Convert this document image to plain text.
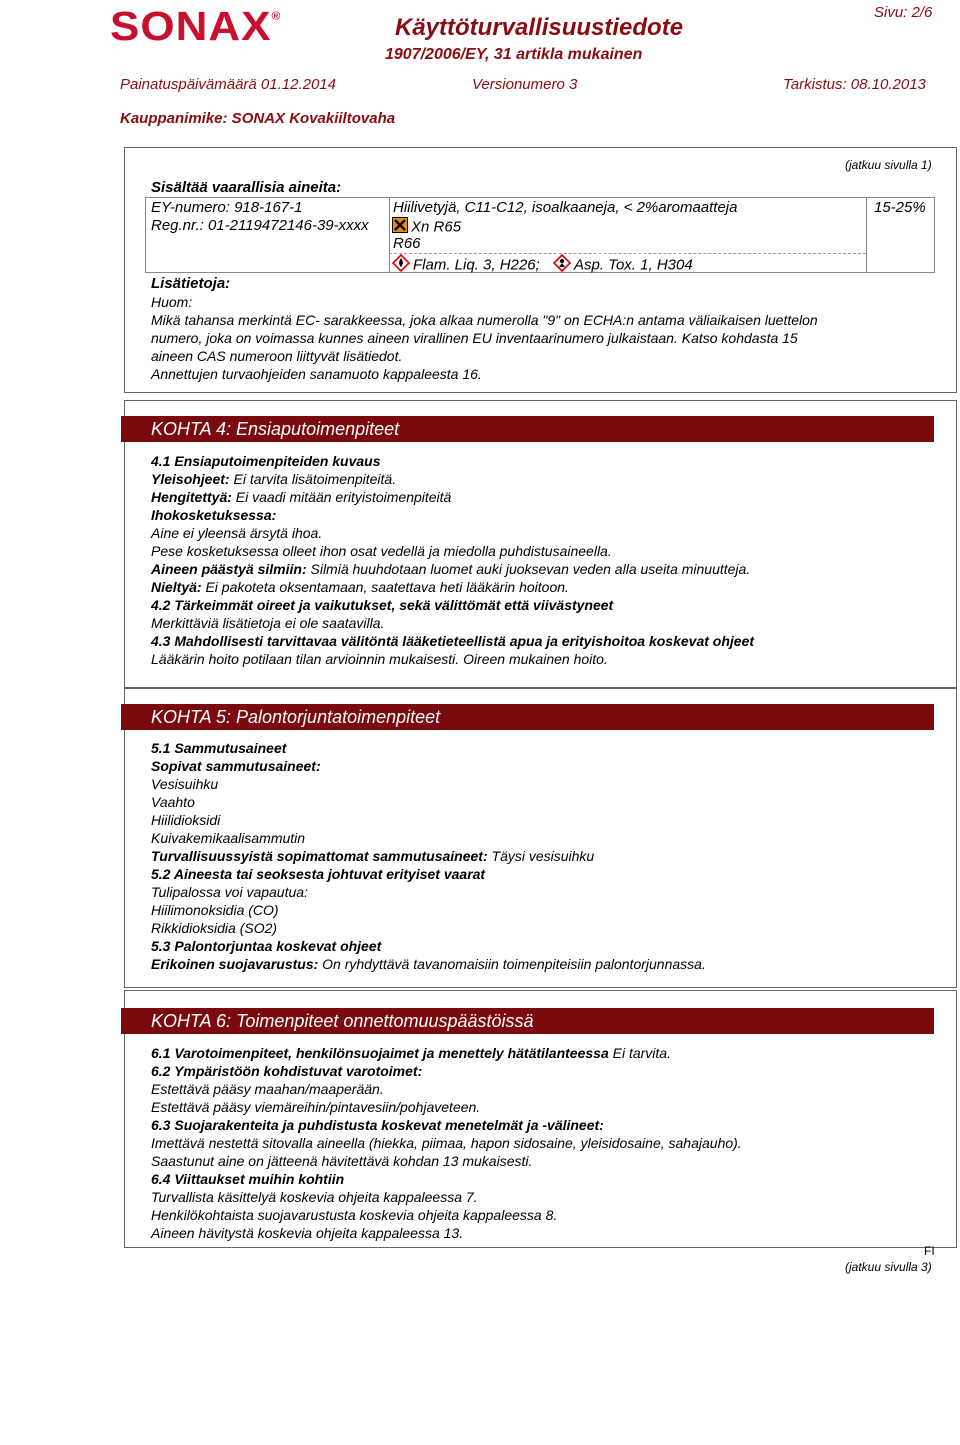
SONAX®	Käyttöturvallisuustiedote
1907/2006/EY, 31 artikla mukainen
Sivu: 2/6
Painatuspäivämäärä 01.12.2014	Versionumero 3	Tarkistus: 08.10.2013
Kauppanimike: SONAX Kovakiiltovaha
(jatkuu sivulla 1)
Sisältää vaarallisia aineita:
EY-numero: 918-167-1
Reg.nr.: 01-2119472146-39-xxxx
Hiilivetyjä, C11-C12, isoalkaaneja, < 2%aromaatteja	15-25%
Xn R65
R66
Flam. Liq. 3, H226;	Asp. Tox. 1, H304
Lisätietoja:
Huom:
Mikä tahansa merkintä EC- sarakkeessa, joka alkaa numerolla "9" on ECHA:n antama väliaikaisen luettelon
numero, joka on voimassa kunnes aineen virallinen EU inventaarinumero julkaistaan. Katso kohdasta 15
aineen CAS numeroon liittyvät lisätiedot.
Annettujen turvaohjeiden sanamuoto kappaleesta 16.
KOHTA 4: Ensiaputoimenpiteet
4.1 Ensiaputoimenpiteiden kuvaus
Yleisohjeet: Ei tarvita lisätoimenpiteitä.
Hengitettyä: Ei vaadi mitään erityistoimenpiteitä
Ihokosketuksessa:
Aine ei yleensä ärsytä ihoa.
Pese kosketuksessa olleet ihon osat vedellä ja miedolla puhdistusaineella.
Aineen päästyä silmiin: Silmiä huuhdotaan luomet auki juoksevan veden alla useita minuutteja.
Nieltyä: Ei pakoteta oksentamaan, saatettava heti lääkärin hoitoon.
4.2 Tärkeimmät oireet ja vaikutukset, sekä välittömät että viivästyneet
Merkittäviä lisätietoja ei ole saatavilla.
4.3 Mahdollisesti tarvittavaa välitöntä lääketieteellistä apua ja erityishoitoa koskevat ohjeet
Lääkärin hoito potilaan tilan arvioinnin mukaisesti. Oireen mukainen hoito.
KOHTA 5: Palontorjuntatoimenpiteet
5.1 Sammutusaineet
Sopivat sammutusaineet:
Vesisuihku
Vaahto
Hiilidioksidi
Kuivakemikaalisammutin
Turvallisuussyistä sopimattomat sammutusaineet: Täysi vesisuihku
5.2 Aineesta tai seoksesta johtuvat erityiset vaarat
Tulipalossa voi vapautua:
Hiilimonoksidia (CO)
Rikkidioksidia (SO2)
5.3 Palontorjuntaa koskevat ohjeet
Erikoinen suojavarustus: On ryhdyttävä tavanomaisiin toimenpiteisiin palontorjunnassa.
KOHTA 6: Toimenpiteet onnettomuuspäästöissä
6.1 Varotoimenpiteet, henkilönsuojaimet ja menettely hätätilanteessa Ei tarvita.
6.2 Ympäristöön kohdistuvat varotoimet:
Estettävä pääsy maahan/maaperään.
Estettävä pääsy viemäreihin/pintavesiin/pohjaveteen.
6.3 Suojarakenteita ja puhdistusta koskevat menetelmät ja -välineet:
Imettävä nestettä sitovalla aineella (hiekka, piimaa, hapon sidosaine, yleisidosaine, sahajauho).
Saastunut aine on jätteenä hävitettävä kohdan 13 mukaisesti.
6.4 Viittaukset muihin kohtiin
Turvallista käsittelyä koskevia ohjeita kappaleessa 7.
Henkilökohtaista suojavarustusta koskevia ohjeita kappaleessa 8.
Aineen hävitystä koskevia ohjeita kappaleessa 13.
FI
(jatkuu sivulla 3)
